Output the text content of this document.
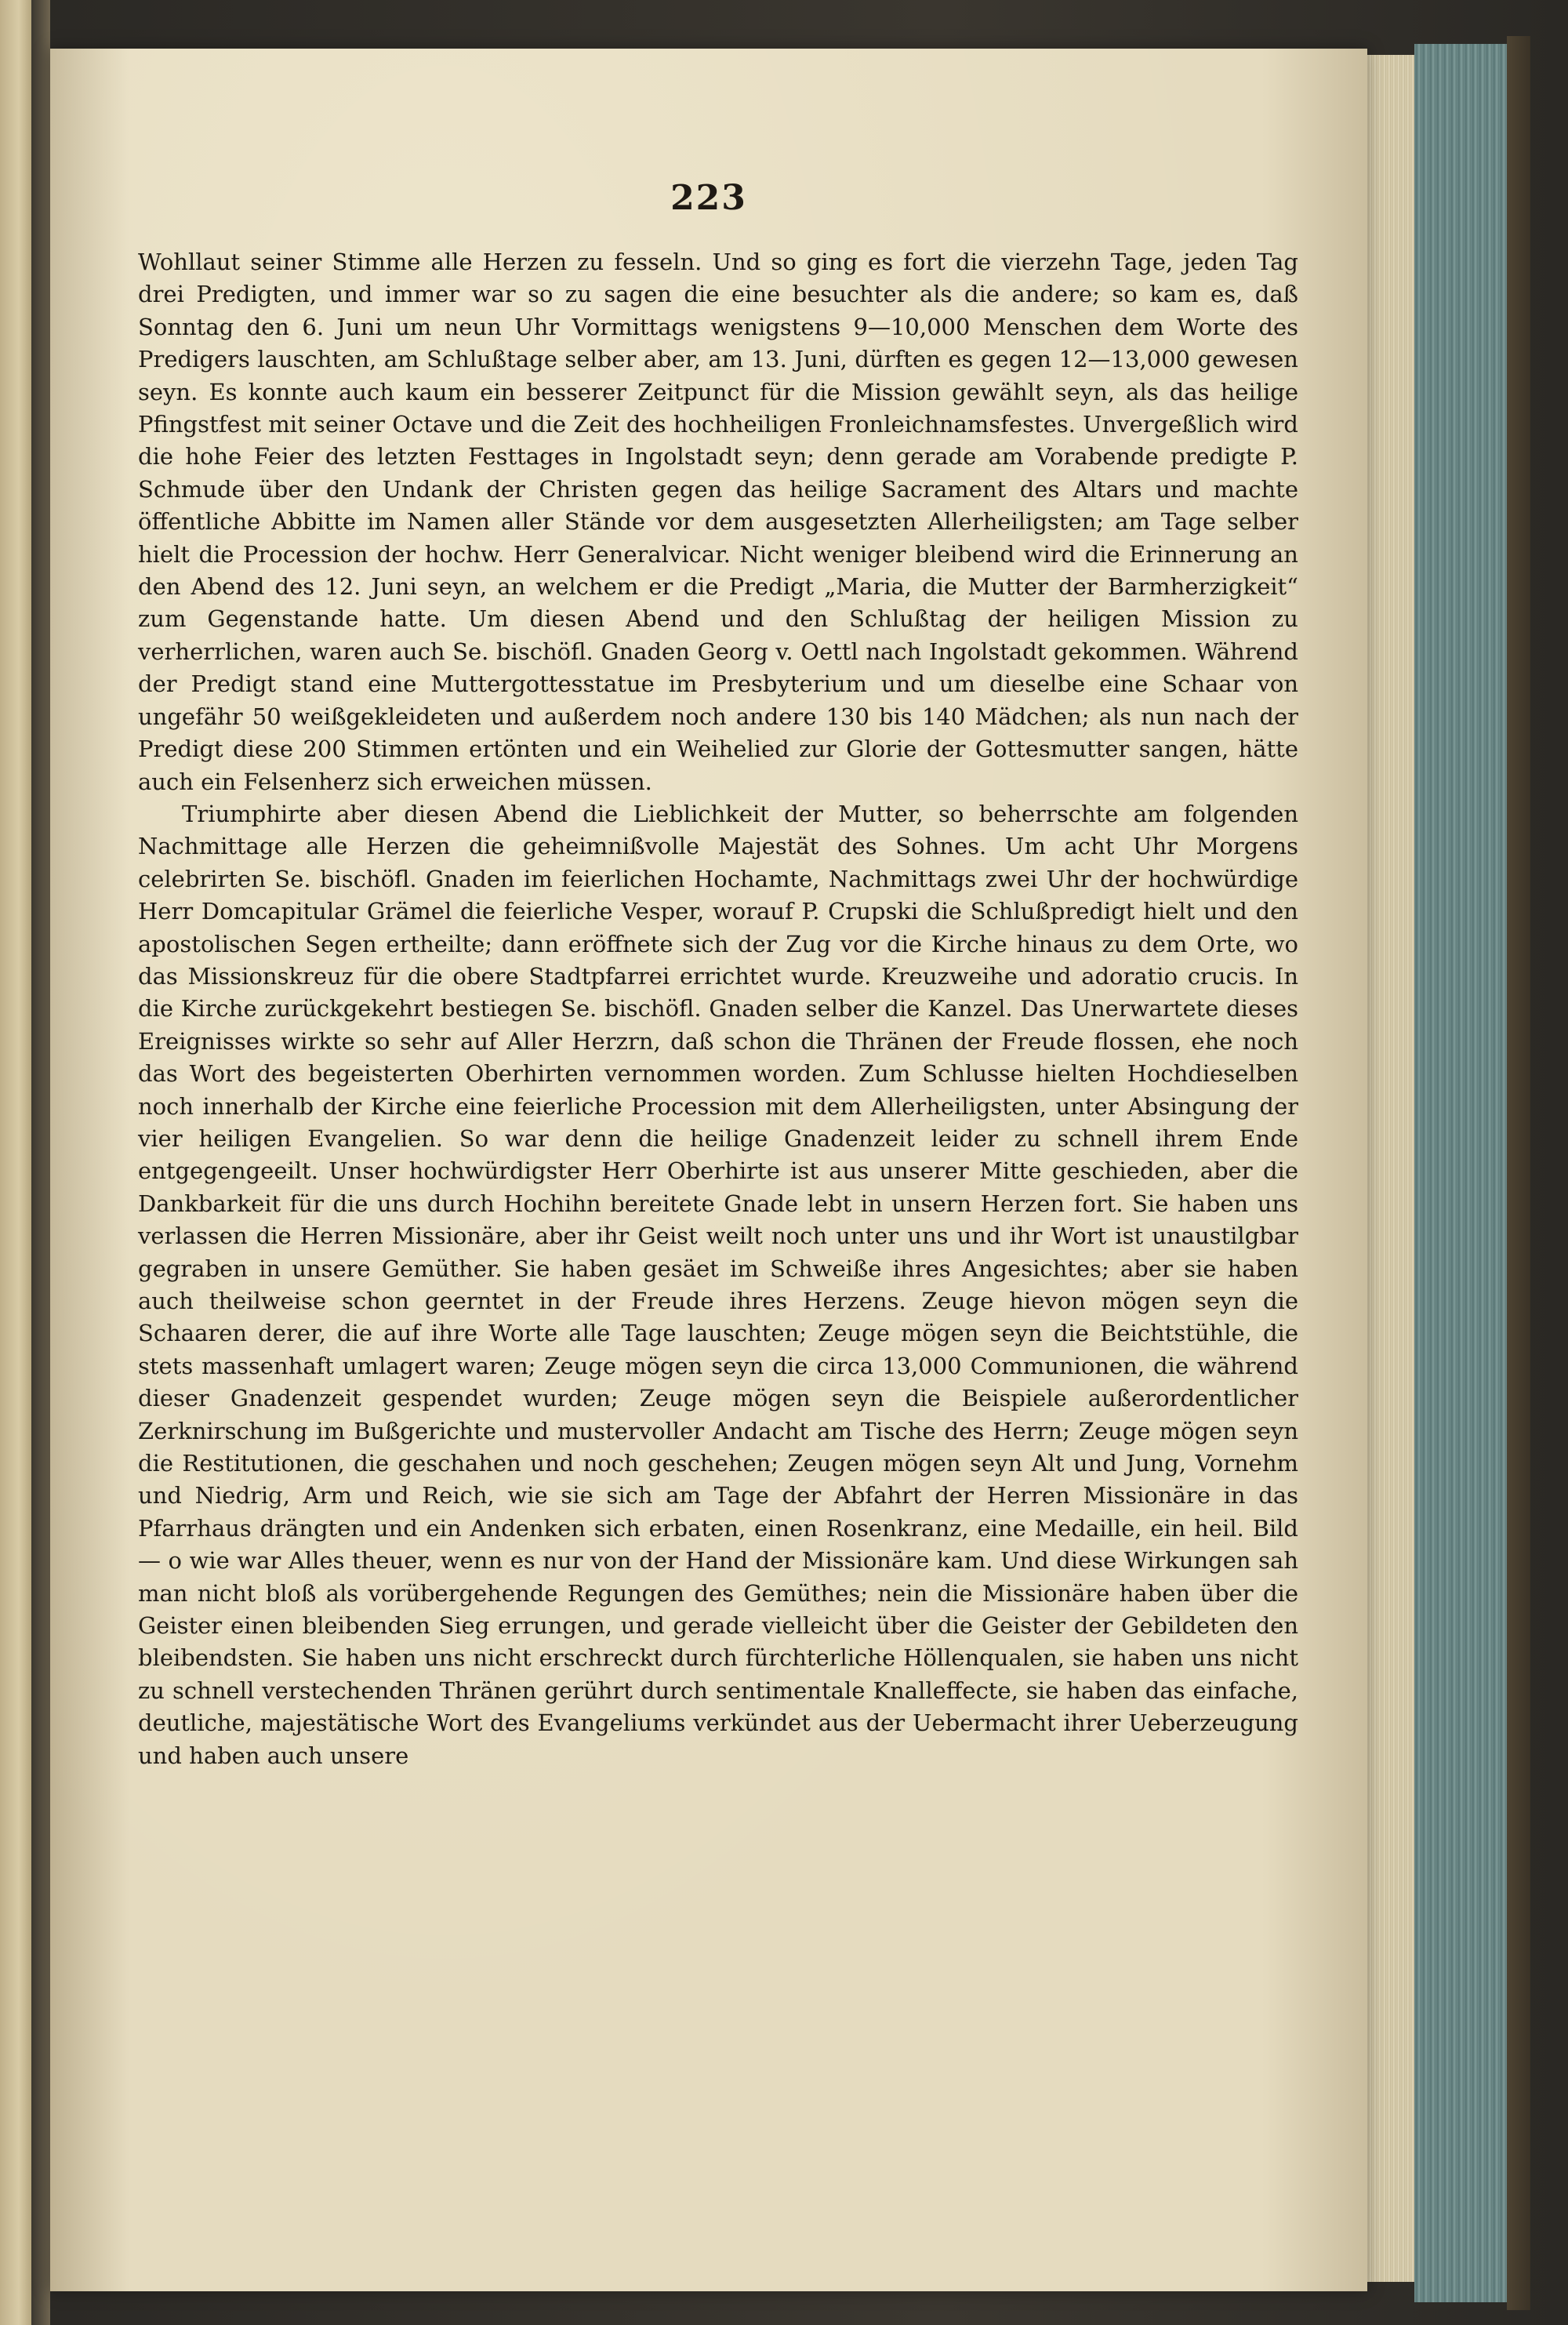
223

Wohllaut seiner Stimme alle Herzen zu fesseln. Und so ging es fort die vierzehn Tage, jeden Tag drei Predigten, und immer war so zu sagen die eine besuchter als die andere; so kam es, daß Sonntag den 6. Juni um neun Uhr Vormittags wenigstens 9—10,000 Menschen dem Worte des Predigers lauschten, am Schlußtage selber aber, am 13. Juni, dürften es gegen 12—13,000 gewesen seyn. Es konnte auch kaum ein besserer Zeitpunct für die Mission gewählt seyn, als das heilige Pfingstfest mit seiner Octave und die Zeit des hochheiligen Fronleichnamsfestes. Unvergeßlich wird die hohe Feier des letzten Festtages in Ingolstadt seyn; denn gerade am Vorabende predigte P. Schmude über den Undank der Christen gegen das heilige Sacrament des Altars und machte öffentliche Abbitte im Namen aller Stände vor dem ausgesetzten Allerheiligsten; am Tage selber hielt die Procession der hochw. Herr Generalvicar. Nicht weniger bleibend wird die Erinnerung an den Abend des 12. Juni seyn, an welchem er die Predigt „Maria, die Mutter der Barmherzigkeit“ zum Gegenstande hatte. Um diesen Abend und den Schlußtag der heiligen Mission zu verherrlichen, waren auch Se. bischöfl. Gnaden Georg v. Oettl nach Ingolstadt gekommen. Während der Predigt stand eine Muttergottesstatue im Presbyterium und um dieselbe eine Schaar von ungefähr 50 weißgekleideten und außerdem noch andere 130 bis 140 Mädchen; als nun nach der Predigt diese 200 Stimmen ertönten und ein Weihelied zur Glorie der Gottesmutter sangen, hätte auch ein Felsenherz sich erweichen müssen.

Triumphirte aber diesen Abend die Lieblichkeit der Mutter, so beherrschte am folgenden Nachmittage alle Herzen die geheimnißvolle Majestät des Sohnes. Um acht Uhr Morgens celebrirten Se. bischöfl. Gnaden im feierlichen Hochamte, Nachmittags zwei Uhr der hochwürdige Herr Domcapitular Grämel die feierliche Vesper, worauf P. Crupski die Schlußpredigt hielt und den apostolischen Segen ertheilte; dann eröffnete sich der Zug vor die Kirche hinaus zu dem Orte, wo das Missionskreuz für die obere Stadtpfarrei errichtet wurde. Kreuzweihe und adoratio crucis. In die Kirche zurückgekehrt bestiegen Se. bischöfl. Gnaden selber die Kanzel. Das Unerwartete dieses Ereignisses wirkte so sehr auf Aller Herzrn, daß schon die Thränen der Freude flossen, ehe noch das Wort des begeisterten Oberhirten vernommen worden. Zum Schlusse hielten Hochdieselben noch innerhalb der Kirche eine feierliche Procession mit dem Allerheiligsten, unter Absingung der vier heiligen Evangelien. So war denn die heilige Gnadenzeit leider zu schnell ihrem Ende entgegengeeilt. Unser hochwürdigster Herr Oberhirte ist aus unserer Mitte geschieden, aber die Dankbarkeit für die uns durch Hochihn bereitete Gnade lebt in unsern Herzen fort. Sie haben uns verlassen die Herren Missionäre, aber ihr Geist weilt noch unter uns und ihr Wort ist unaustilgbar gegraben in unsere Gemüther. Sie haben gesäet im Schweiße ihres Angesichtes; aber sie haben auch theilweise schon geerntet in der Freude ihres Herzens. Zeuge hievon mögen seyn die Schaaren derer, die auf ihre Worte alle Tage lauschten; Zeuge mögen seyn die Beichtstühle, die stets massenhaft umlagert waren; Zeuge mögen seyn die circa 13,000 Communionen, die während dieser Gnadenzeit gespendet wurden; Zeuge mögen seyn die Beispiele außerordentlicher Zerknirschung im Bußgerichte und mustervoller Andacht am Tische des Herrn; Zeuge mögen seyn die Restitutionen, die geschahen und noch geschehen; Zeugen mögen seyn Alt und Jung, Vornehm und Niedrig, Arm und Reich, wie sie sich am Tage der Abfahrt der Herren Missionäre in das Pfarrhaus drängten und ein Andenken sich erbaten, einen Rosenkranz, eine Medaille, ein heil. Bild — o wie war Alles theuer, wenn es nur von der Hand der Missionäre kam. Und diese Wirkungen sah man nicht bloß als vorübergehende Regungen des Gemüthes; nein die Missionäre haben über die Geister einen bleibenden Sieg errungen, und gerade vielleicht über die Geister der Gebildeten den bleibendsten. Sie haben uns nicht erschreckt durch fürchterliche Höllenqualen, sie haben uns nicht zu schnell verstechenden Thränen gerührt durch sentimentale Knalleffecte, sie haben das einfache, deutliche, majestätische Wort des Evangeliums verkündet aus der Uebermacht ihrer Ueberzeugung und haben auch unsere
